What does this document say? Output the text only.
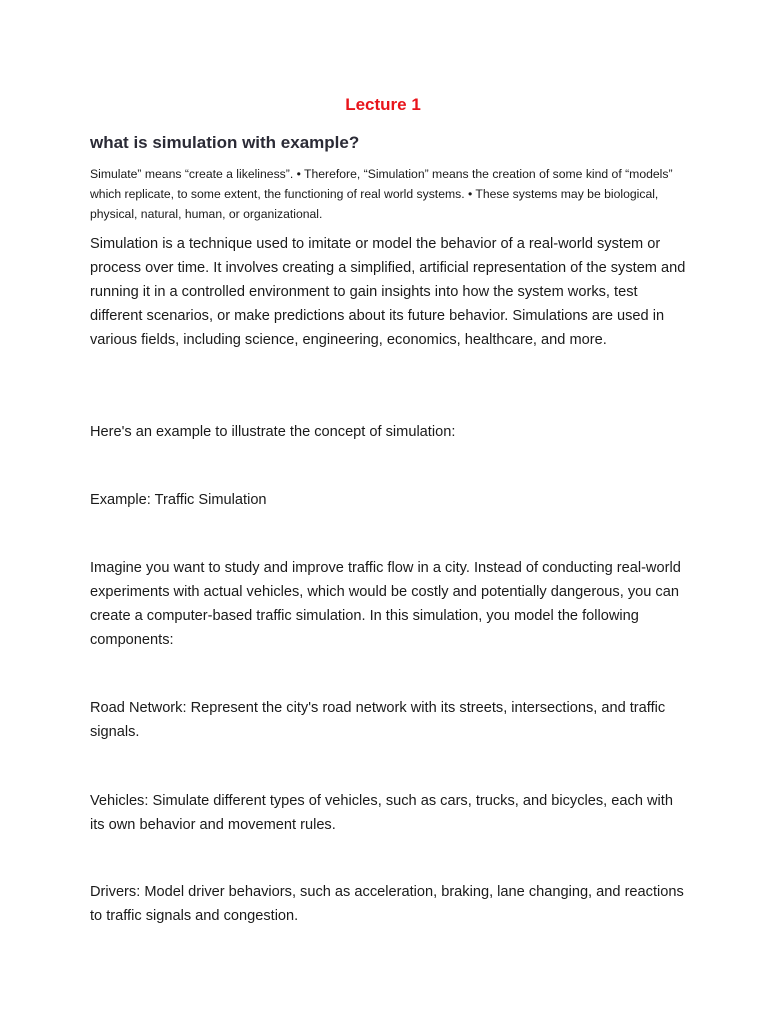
Lecture 1
what is simulation with example?

Simulate” means “create a likeliness”. • Therefore, “Simulation” means the creation of some kind of “models” which replicate, to some extent, the functioning of real world systems. • These systems may be biological, physical, natural, human, or organizational.

Simulation is a technique used to imitate or model the behavior of a real-world system or process over time. It involves creating a simplified, artificial representation of the system and running it in a controlled environment to gain insights into how the system works, test different scenarios, or make predictions about its future behavior. Simulations are used in various fields, including science, engineering, economics, healthcare, and more.

Here's an example to illustrate the concept of simulation:

Example: Traffic Simulation

Imagine you want to study and improve traffic flow in a city. Instead of conducting real-world experiments with actual vehicles, which would be costly and potentially dangerous, you can create a computer-based traffic simulation. In this simulation, you model the following components:

Road Network: Represent the city's road network with its streets, intersections, and traffic signals.

Vehicles: Simulate different types of vehicles, such as cars, trucks, and bicycles, each with its own behavior and movement rules.

Drivers: Model driver behaviors, such as acceleration, braking, lane changing, and reactions to traffic signals and congestion.
